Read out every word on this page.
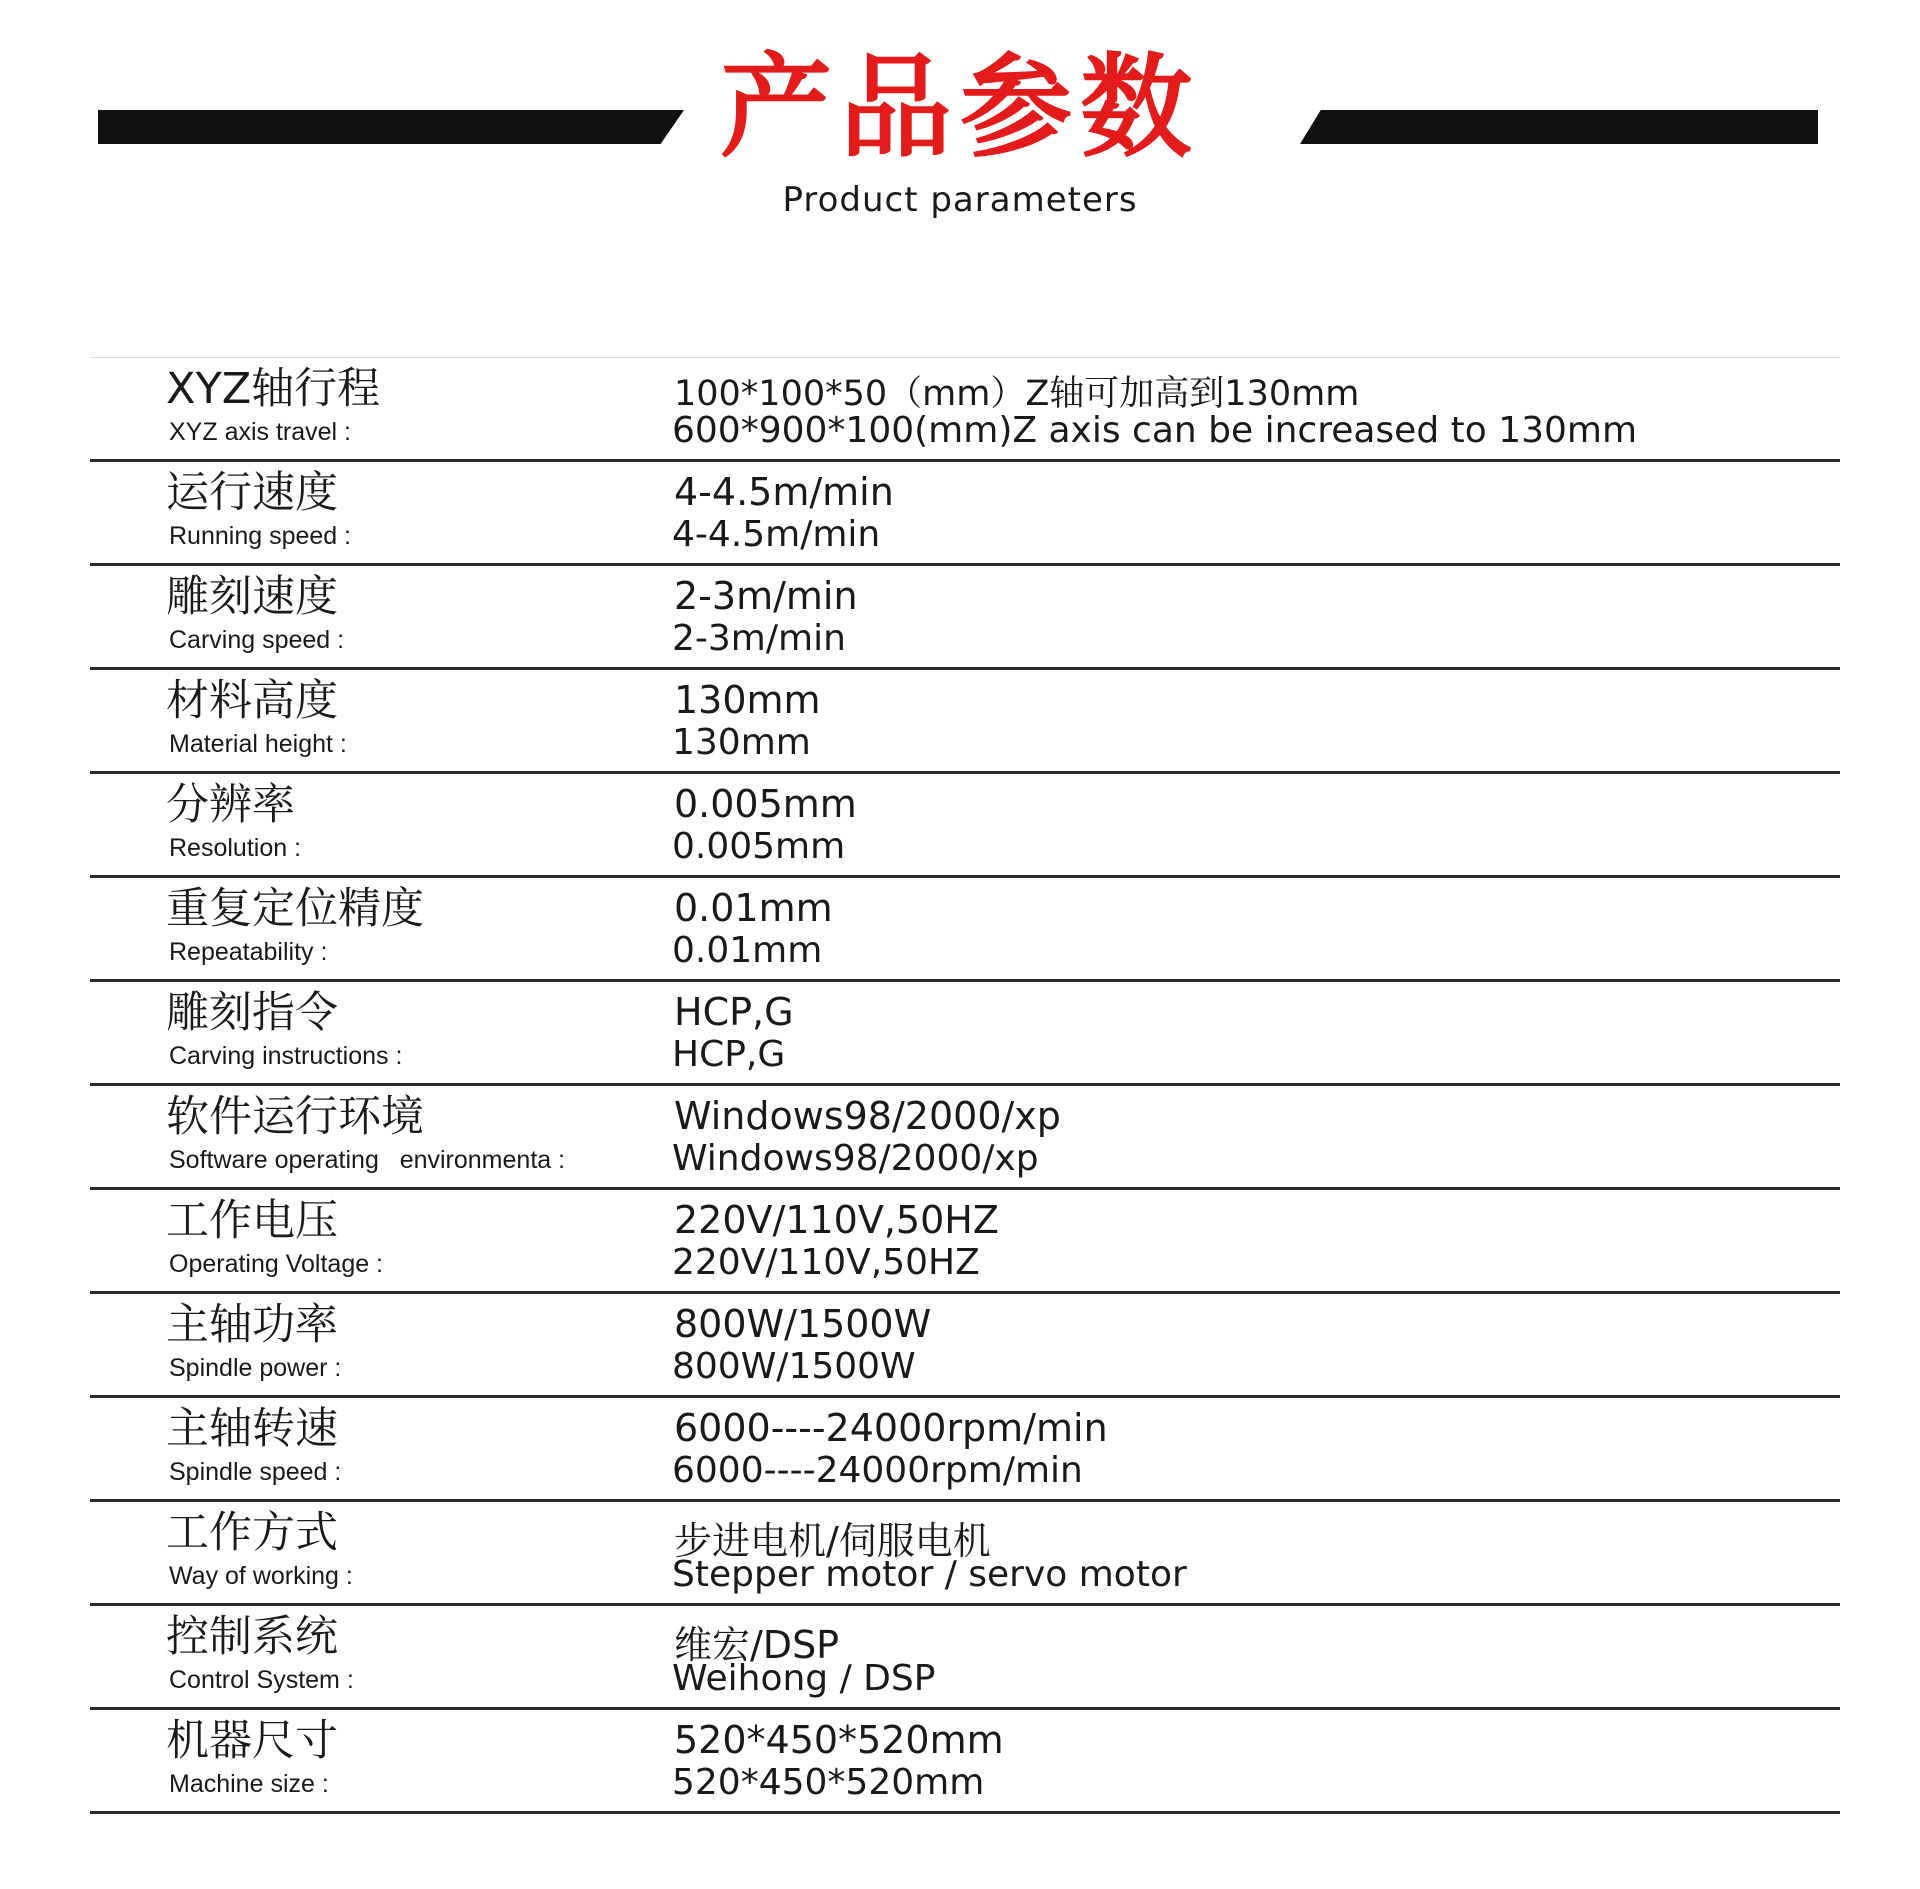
产品参数
Product parameters
XYZ轴行程
XYZ axis travel :
100*100*50（mm）Z轴可加高到130mm
600*900*100(mm)Z axis can be increased to 130mm
运行速度
Running speed :
4-4.5m/min
4-4.5m/min
雕刻速度
Carving speed :
2-3m/min
2-3m/min
材料高度
Material height :
130mm
130mm
分辨率
Resolution :
0.005mm
0.005mm
重复定位精度
Repeatability :
0.01mm
0.01mm
雕刻指令
Carving instructions :
HCP,G
HCP,G
软件运行环境
Software operating   environmenta :
Windows98/2000/xp
Windows98/2000/xp
工作电压
Operating Voltage :
220V/110V,50HZ
220V/110V,50HZ
主轴功率
Spindle power :
800W/1500W
800W/1500W
主轴转速
Spindle speed :
6000----24000rpm/min
6000----24000rpm/min
工作方式
Way of working :
步进电机/伺服电机
Stepper motor / servo motor
控制系统
Control System :
维宏/DSP
Weihong / DSP
机器尺寸
Machine size :
520*450*520mm
520*450*520mm
